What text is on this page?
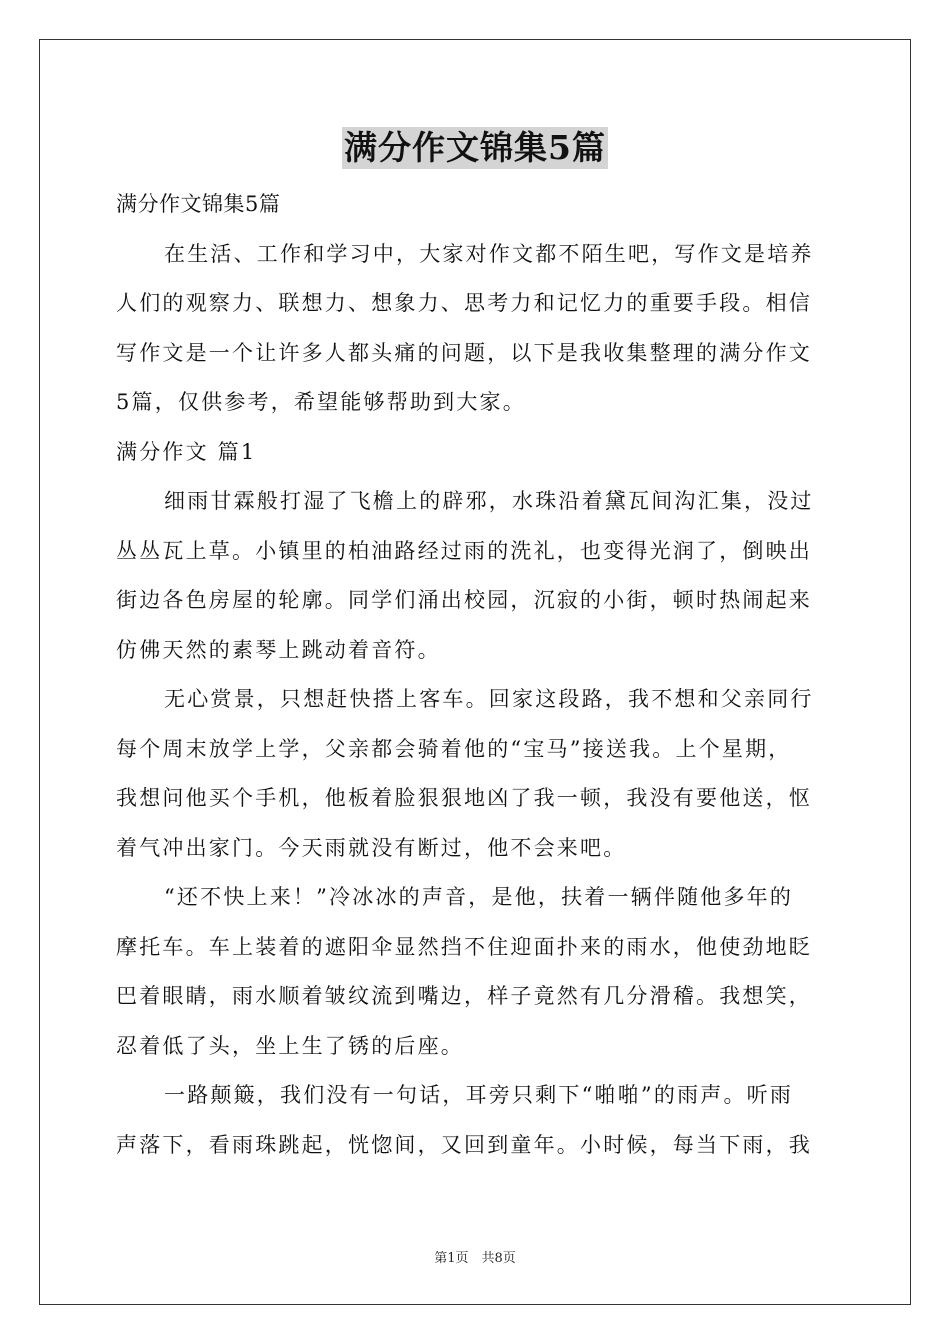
满分作文锦集5篇
满分作文锦集5篇
在生活、工作和学习中，大家对作文都不陌生吧，写作文是培养
人们的观察力、联想力、想象力、思考力和记忆力的重要手段。相信
写作文是一个让许多人都头痛的问题，以下是我收集整理的满分作文
5篇，仅供参考，希望能够帮助到大家。
满分作文 篇1
细雨甘霖般打湿了飞檐上的辟邪，水珠沿着黛瓦间沟汇集，没过
丛丛瓦上草。小镇里的柏油路经过雨的洗礼，也变得光润了，倒映出
街边各色房屋的轮廓。同学们涌出校园，沉寂的小街，顿时热闹起来
仿佛天然的素琴上跳动着音符。
无心赏景，只想赶快搭上客车。回家这段路，我不想和父亲同行
每个周末放学上学，父亲都会骑着他的“宝马”接送我。上个星期，
我想问他买个手机，他板着脸狠狠地凶了我一顿，我没有要他送，怄
着气冲出家门。今天雨就没有断过，他不会来吧。
“还不快上来！”冷冰冰的声音，是他，扶着一辆伴随他多年的
摩托车。车上装着的遮阳伞显然挡不住迎面扑来的雨水，他使劲地眨
巴着眼睛，雨水顺着皱纹流到嘴边，样子竟然有几分滑稽。我想笑，
忍着低了头，坐上生了锈的后座。
一路颠簸，我们没有一句话，耳旁只剩下“啪啪”的雨声。听雨
声落下，看雨珠跳起，恍惚间，又回到童年。小时候，每当下雨，我
第1页　共8页
